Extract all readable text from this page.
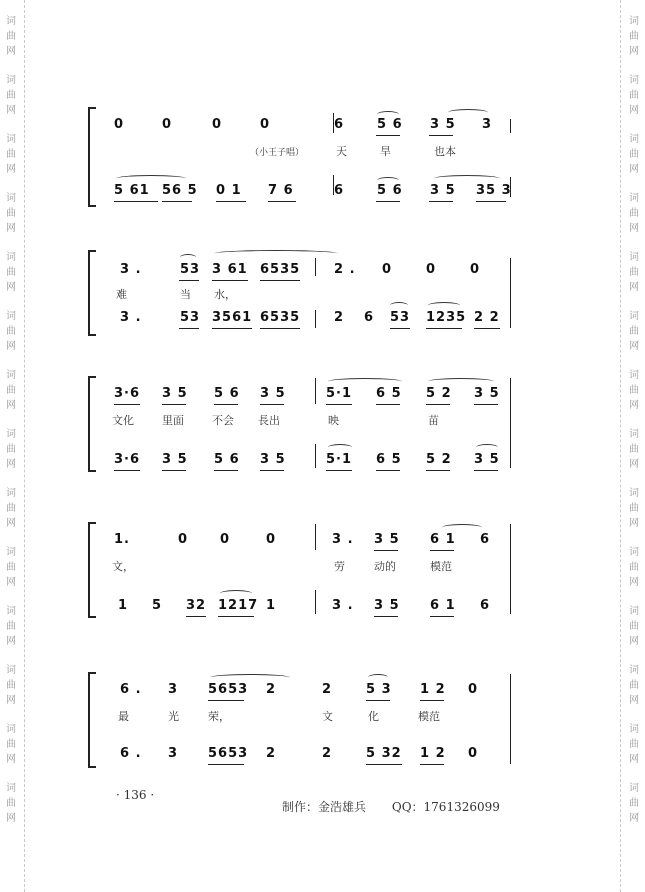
词
曲
网
词
曲
网
词
曲
网
词
曲
网
词
曲
网
词
曲
网
词
曲
网
词
曲
网
词
曲
网
词
曲
网
词
曲
网
词
曲
网
词
曲
网
词
曲
网
词
曲
网
词
曲
网
词
曲
网
词
曲
网
词
曲
网
词
曲
网
词
曲
网
词
曲
网
词
曲
网
词
曲
网
词
曲
网
词
曲
网
词
曲
网
词
曲
网
0	0	0	0	6	5 6 3 5 3
（小王子唱）	天	旱	也本
5 61 56 5 0 1 7 6	6	5 6 3 5 35 3
3 .	53 3 61 6535	2 . 0	0	0
难	当 水，
3 .	53 3561 6535	2 6 53 1235 2 2
3·6 3 5 5 6 3 5	5·1 6 5 5 2 3 5
文化	里面	不会 長出	映	苗
3·6 3 5 5 6 3 5	5·1 6 5 5 2 3 5
1.	0 0	0	3 . 3 5 6 1 6
文，	劳	动的	模范
1 5 32 1217 1	3 . 3 5 6 1 6
6 . 3 5653 2	2	5 3 1 2 0
最	光	荣，	文	化	模范
6 . 3 5653 2	2	5 32 1 2 0
· 136 ·
制作：金浩雄兵 QQ：1761326099
